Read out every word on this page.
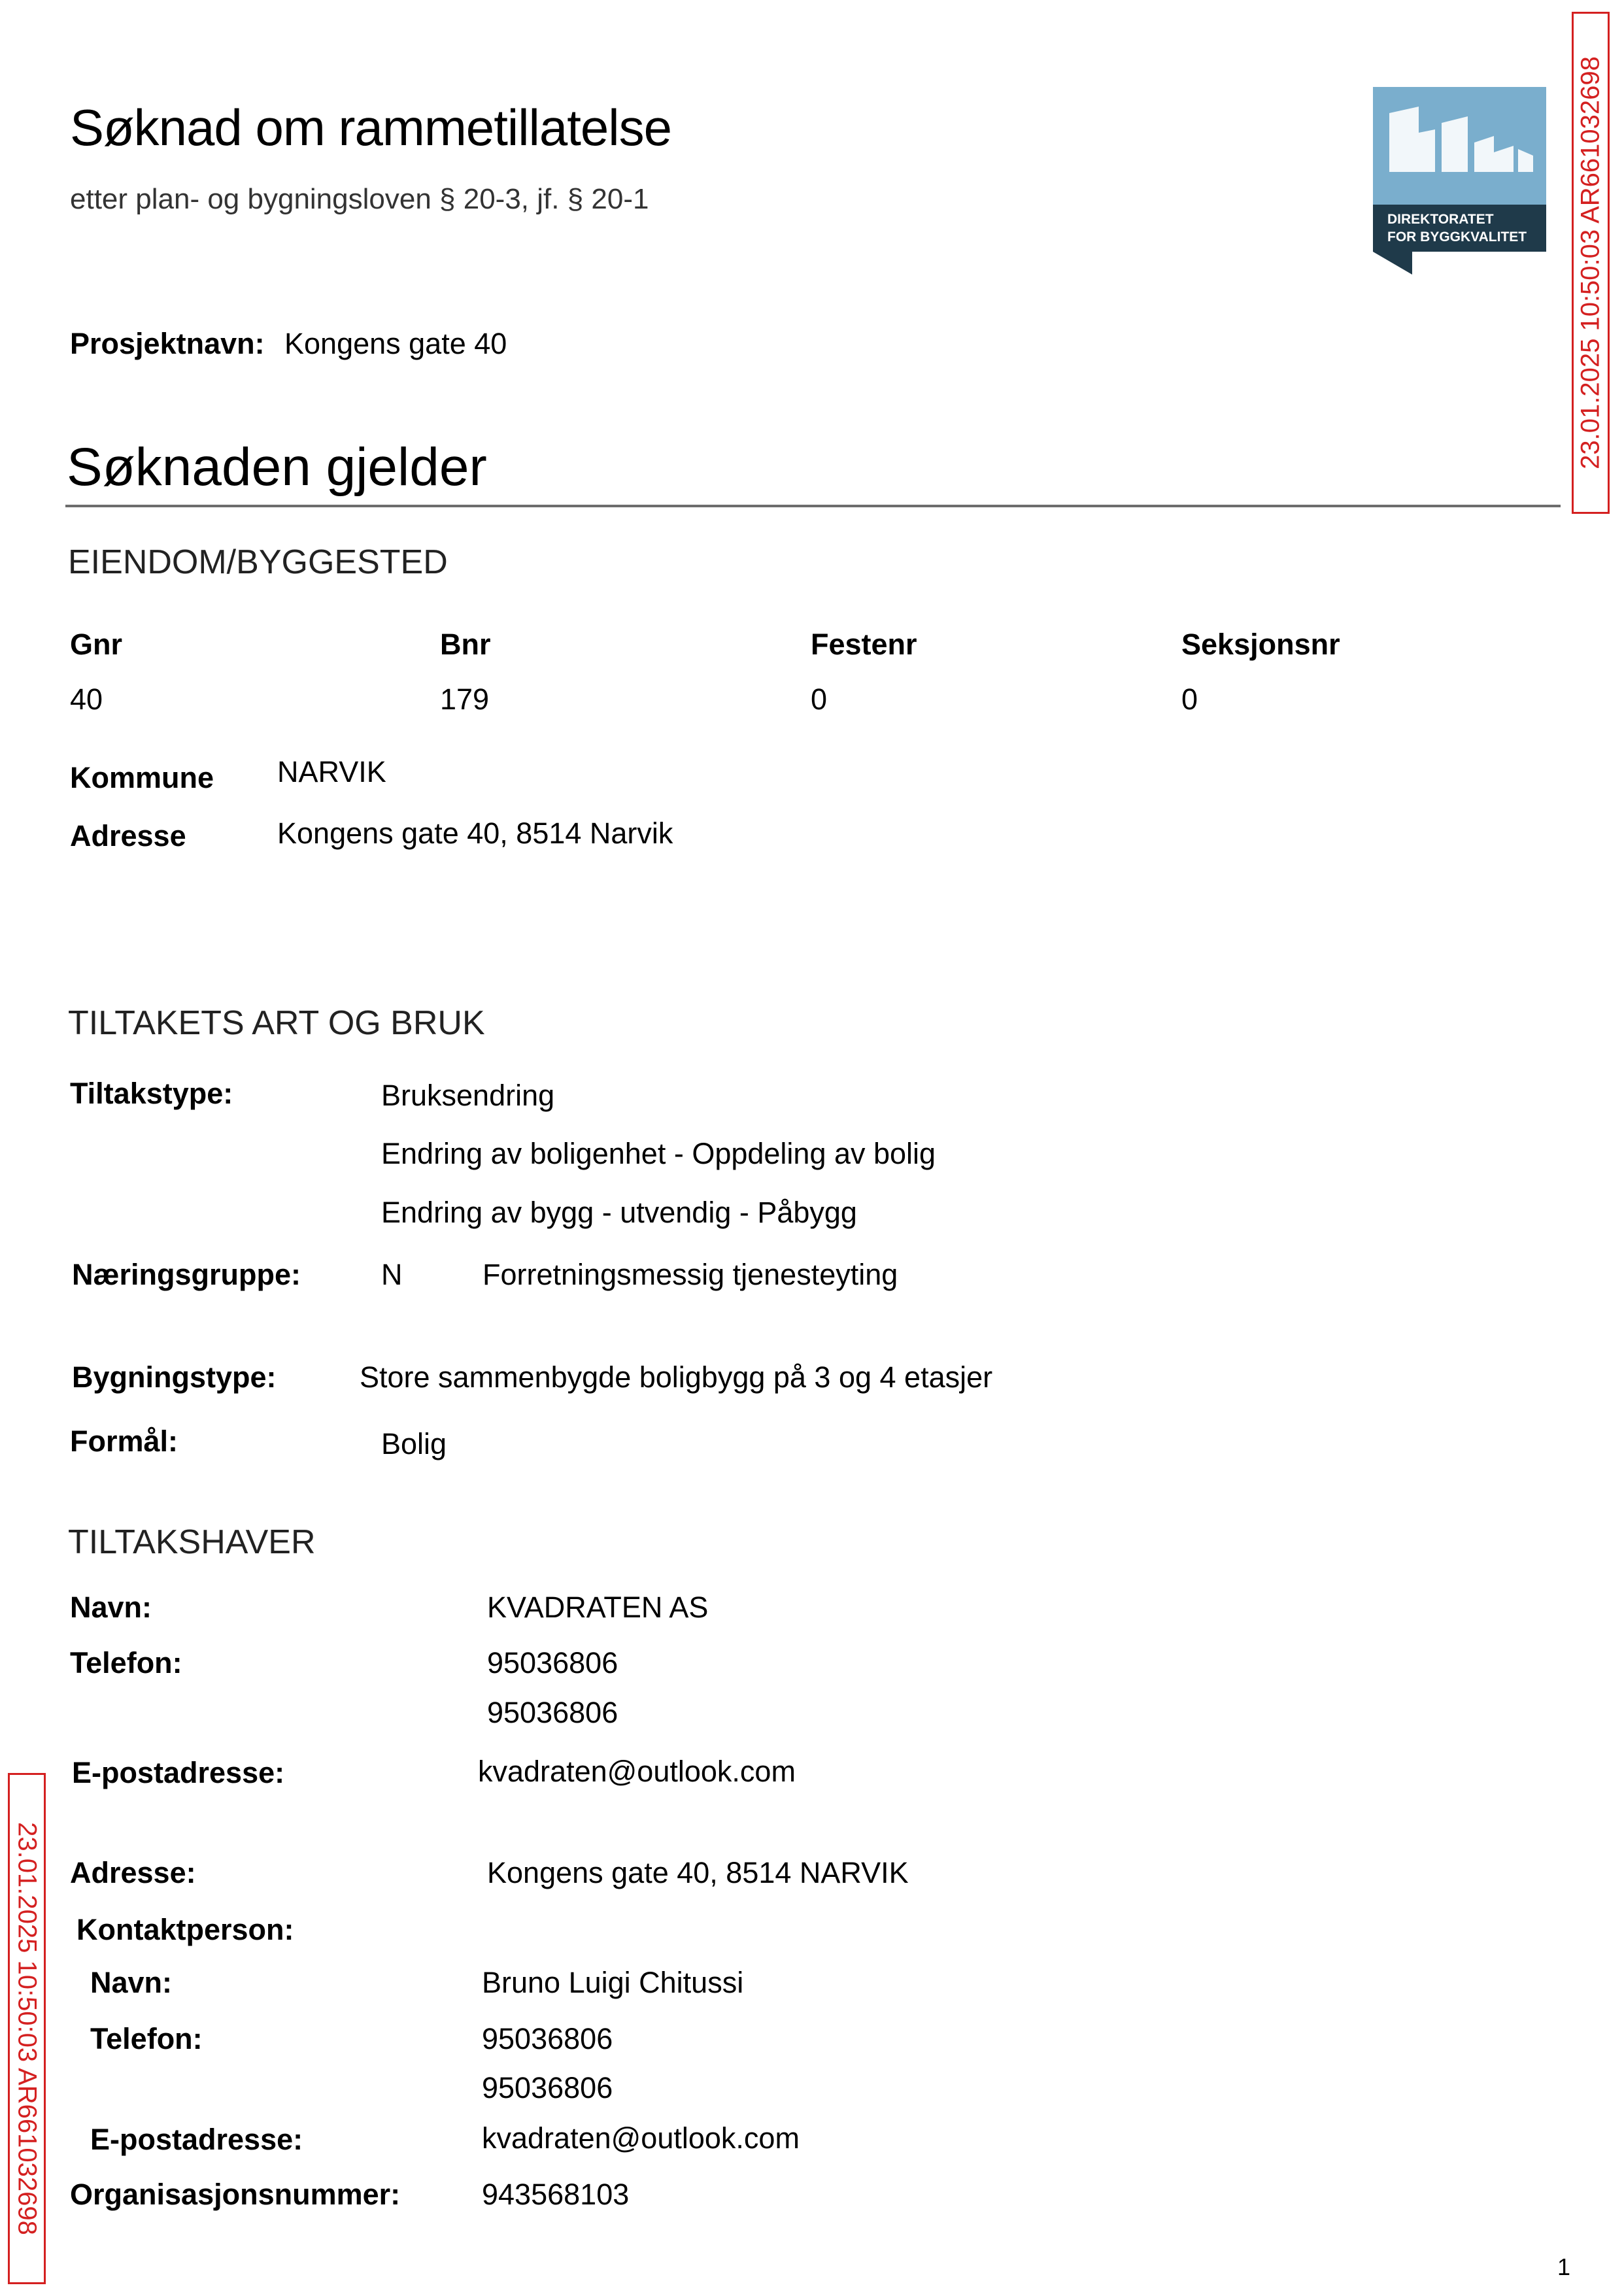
Søknad om rammetillatelse
etter plan- og bygningsloven § 20-3, jf. § 20-1
DIREKTORATET
FOR BYGGKVALITET
Prosjektnavn: Kongens gate 40
Søknaden gjelder
EIENDOM/BYGGESTED
Gnr	Bnr	Festenr	Seksjonsnr
40	179	0	0
Kommune NARVIK
Adresse	Kongens gate 40, 8514 Narvik
TILTAKETS ART OG BRUK
Tiltakstype:	Bruksendring
Endring av boligenhet - Oppdeling av bolig
Endring av bygg - utvendig - Påbygg
Næringsgruppe:	N	Forretningsmessig tjenesteyting
Bygningstype:	Store sammenbygde boligbygg på 3 og 4 etasjer
Formål:	Bolig
TILTAKSHAVER
Navn:	KVADRATEN AS
Telefon:	95036806
95036806
E-postadresse:	kvadraten@outlook.com
Adresse:	Kongens gate 40, 8514 NARVIK
Kontaktperson:
Navn:	Bruno Luigi Chitussi
Telefon:	95036806
95036806
E-postadresse:	kvadraten@outlook.com
Organisasjonsnummer:	943568103
23.01.2025 10:50:03 AR661032698
23.01.2025 10:50:03 AR661032698
1
